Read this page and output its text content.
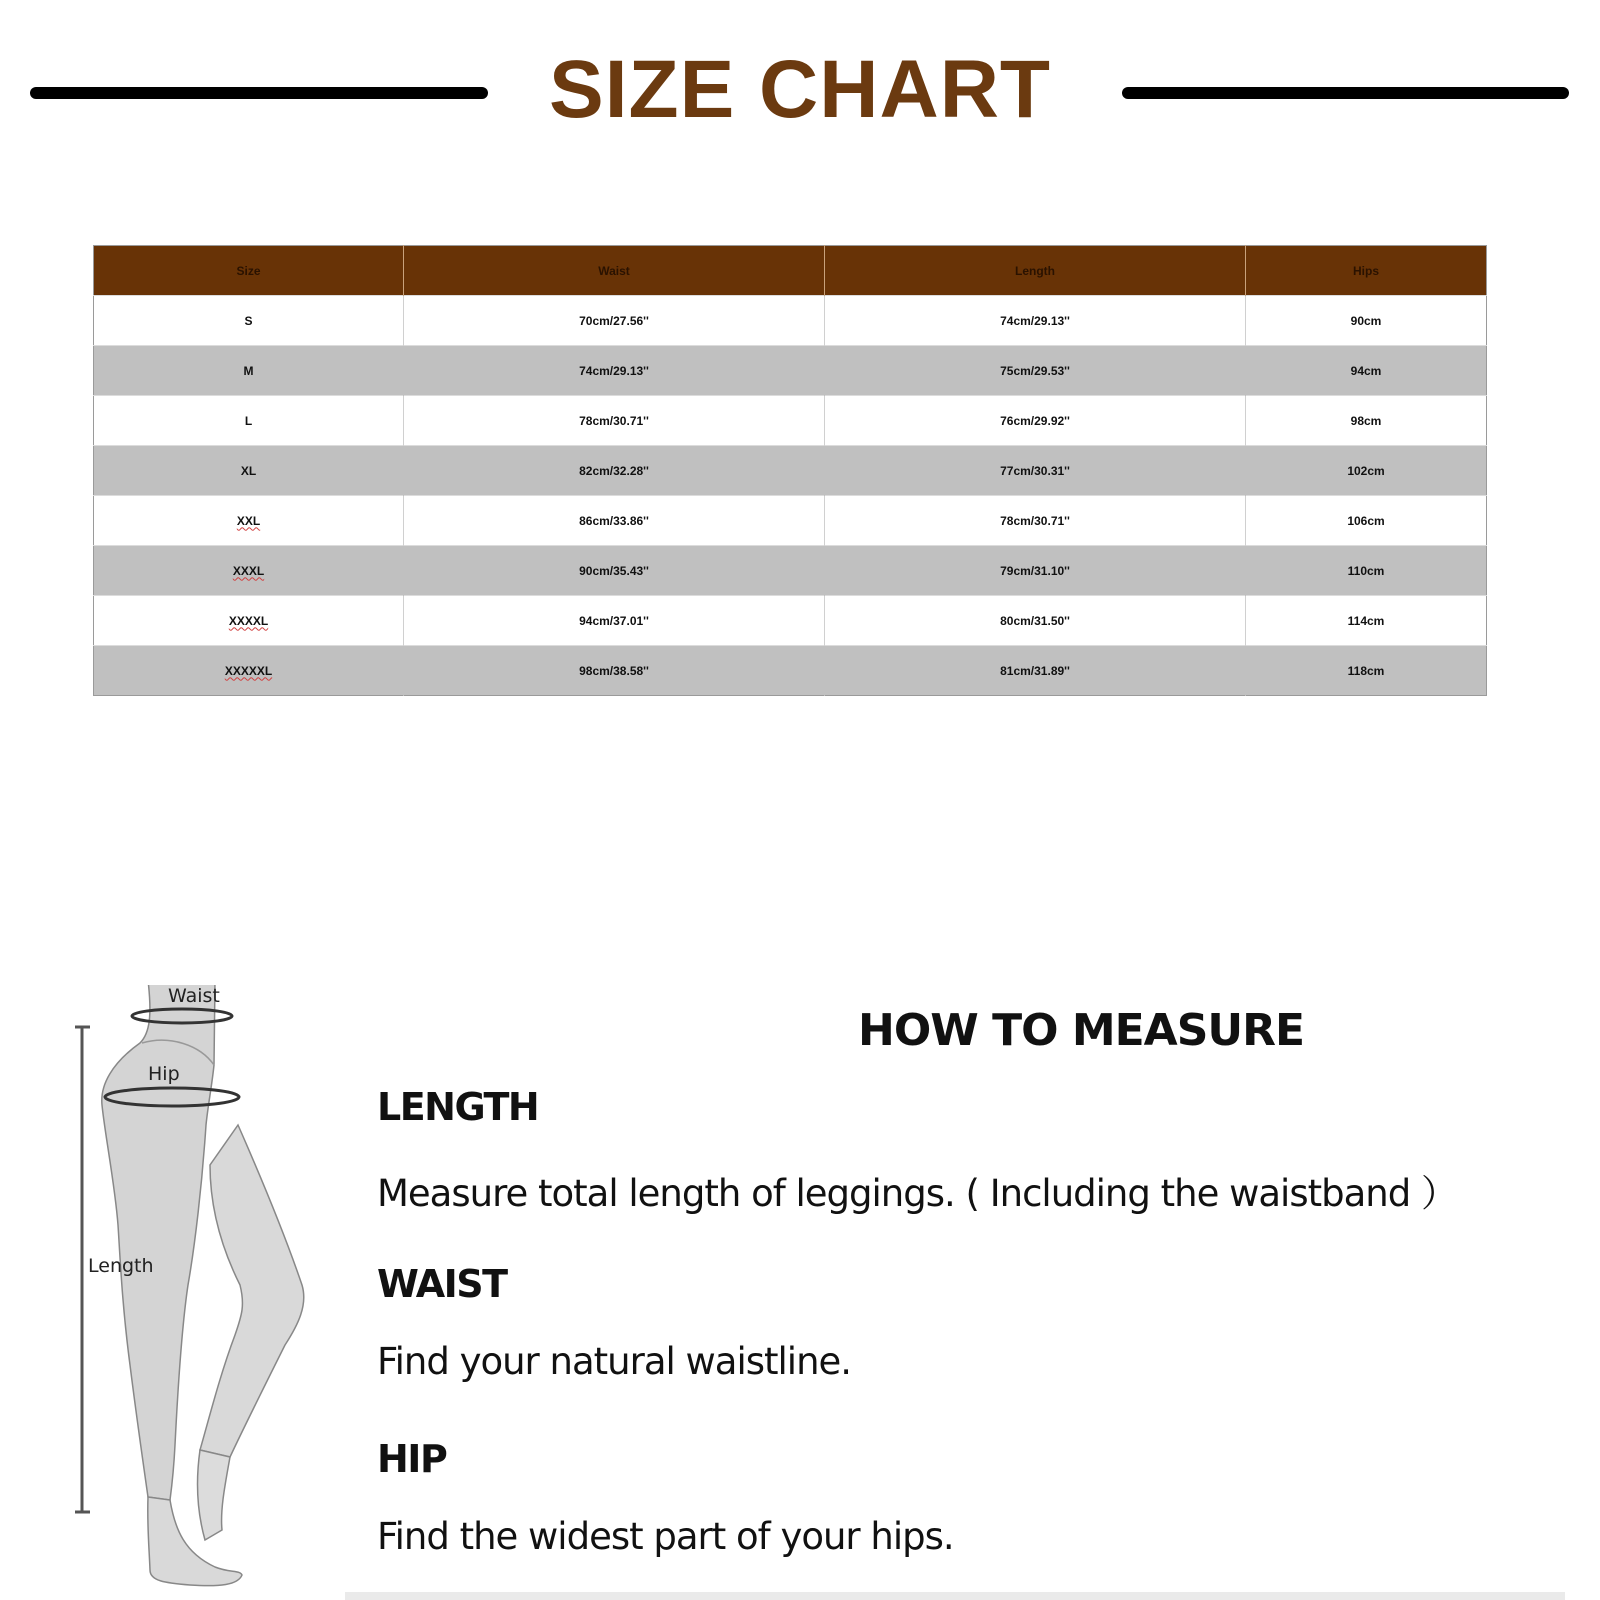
SIZE CHART
Size	Waist	Length	Hips
S	70cm/27.56''	74cm/29.13''	90cm
M	74cm/29.13''	75cm/29.53''	94cm
L	78cm/30.71''	76cm/29.92''	98cm
XL	82cm/32.28''	77cm/30.31''	102cm
XXL	86cm/33.86''	78cm/30.71''	106cm
XXXL	90cm/35.43''	79cm/31.10''	110cm
XXXXL	94cm/37.01''	80cm/31.50''	114cm
XXXXXL	98cm/38.58''	81cm/31.89''	118cm
Waist
Hip
Length
HOW TO MEASURE
LENGTH
Measure total length of leggings. ( Including the waistband ）
WAIST
Find your natural waistline.
HIP
Find the widest part of your hips.
